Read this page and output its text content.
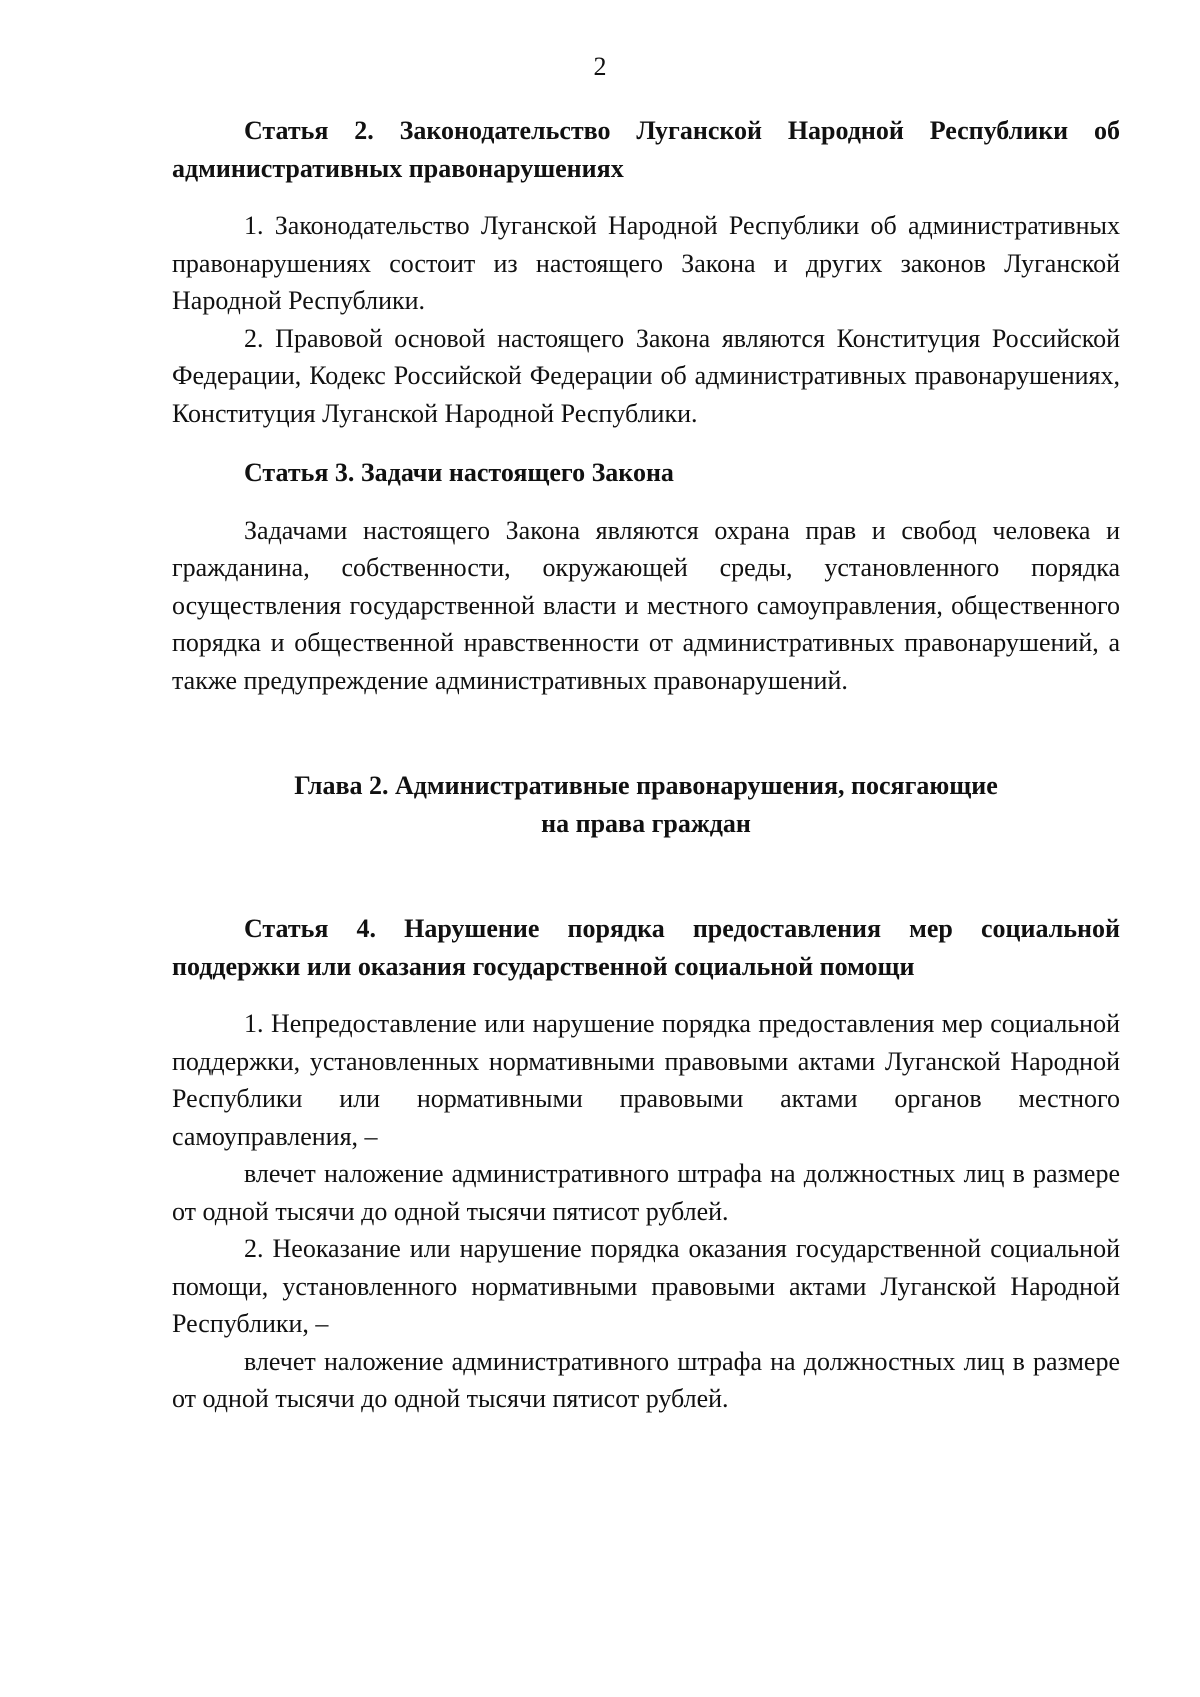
2

Статья 2. Законодательство Луганской Народной Республики об административных правонарушениях

1. Законодательство Луганской Народной Республики об административных правонарушениях состоит из настоящего Закона и других законов Луганской Народной Республики.

2. Правовой основой настоящего Закона являются Конституция Российской Федерации, Кодекс Российской Федерации об административных правонарушениях, Конституция Луганской Народной Республики.

Статья 3. Задачи настоящего Закона

Задачами настоящего Закона являются охрана прав и свобод человека и гражданина, собственности, окружающей среды, установленного порядка осуществления государственной власти и местного самоуправления, общественного порядка и общественной нравственности от административных правонарушений, а также предупреждение административных правонарушений.

Глава 2. Административные правонарушения, посягающие

на права граждан

Статья 4. Нарушение порядка предоставления мер социальной поддержки или оказания государственной социальной помощи

1. Непредоставление или нарушение порядка предоставления мер социальной поддержки, установленных нормативными правовыми актами Луганской Народной Республики или нормативными правовыми актами органов местного самоуправления, –

влечет наложение административного штрафа на должностных лиц в размере от одной тысячи до одной тысячи пятисот рублей.

2. Неоказание или нарушение порядка оказания государственной социальной помощи, установленного нормативными правовыми актами Луганской Народной Республики, –

влечет наложение административного штрафа на должностных лиц в размере от одной тысячи до одной тысячи пятисот рублей.
